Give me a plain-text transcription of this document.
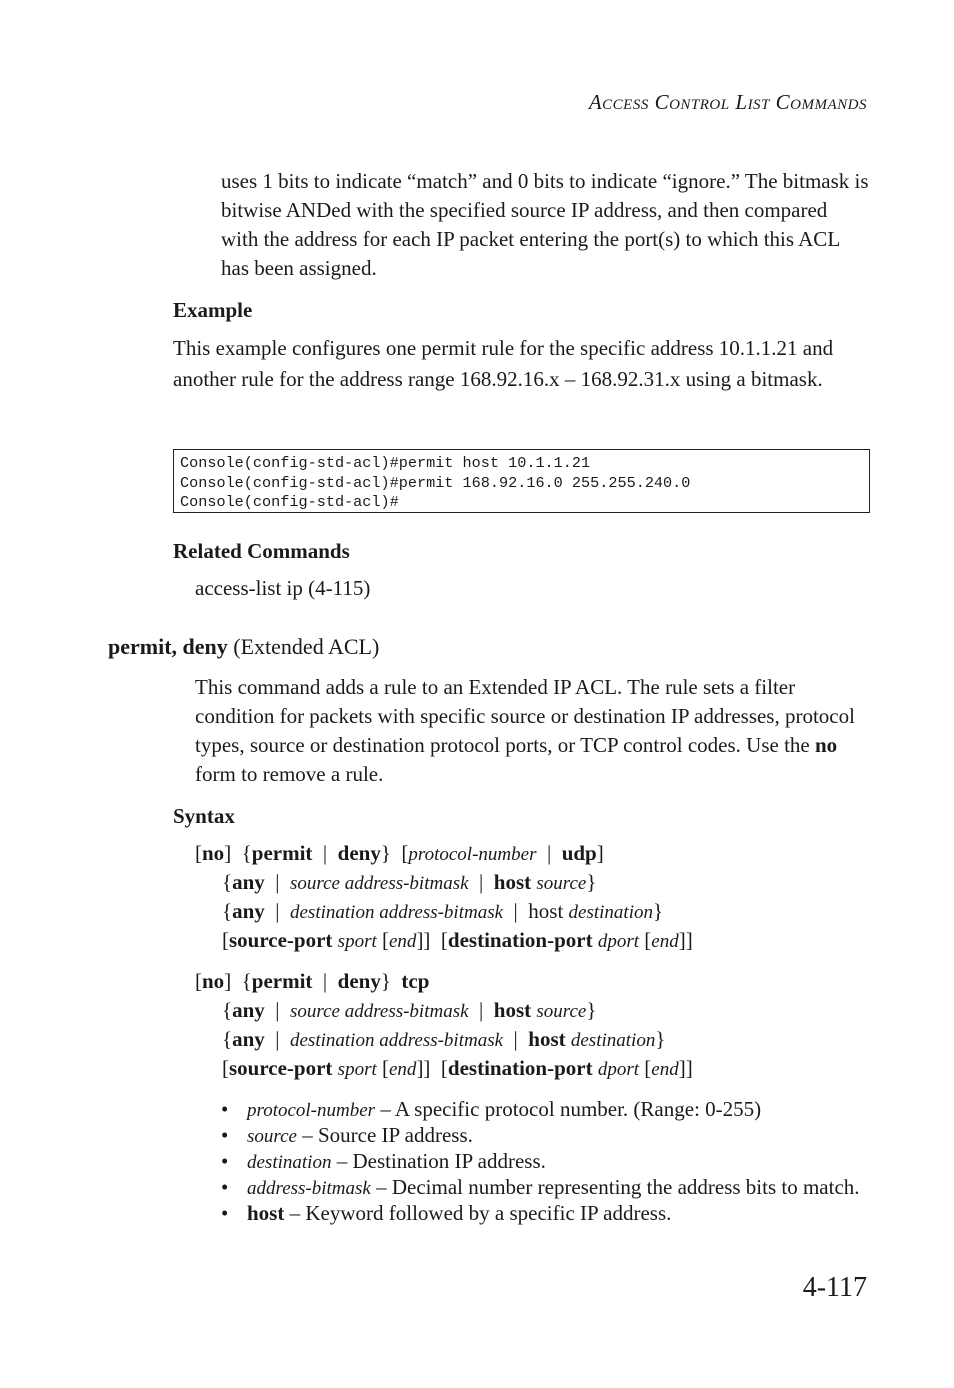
ACCESS CONTROL LIST COMMANDS
uses 1 bits to indicate “match” and 0 bits to indicate “ignore.” The bitmask is bitwise ANDed with the specified source IP address, and then compared with the address for each IP packet entering the port(s) to which this ACL has been assigned.
Example
This example configures one permit rule for the specific address 10.1.1.21 and another rule for the address range 168.92.16.x – 168.92.31.x using a bitmask.
Console(config-std-acl)#permit host 10.1.1.21
Console(config-std-acl)#permit 168.92.16.0 255.255.240.0
Console(config-std-acl)#
Related Commands
access-list ip (4-115)
permit, deny (Extended ACL)
This command adds a rule to an Extended IP ACL. The rule sets a filter condition for packets with specific source or destination IP addresses, protocol types, source or destination protocol ports, or TCP control codes. Use the no form to remove a rule.
Syntax
[no]  {permit  |  deny}  [protocol-number  |  udp]
{any  |  source address-bitmask  |  host source}
{any  |  destination address-bitmask  |  host destination}
[source-port sport [end]]  [destination-port dport [end]]
[no]  {permit  |  deny}  tcp
{any  |  source address-bitmask  |  host source}
{any  |  destination address-bitmask  |  host destination}
[source-port sport [end]]  [destination-port dport [end]]
• protocol-number – A specific protocol number. (Range: 0-255)
• source – Source IP address.
• destination – Destination IP address.
• address-bitmask – Decimal number representing the address bits to match.
• host – Keyword followed by a specific IP address.
4-117
